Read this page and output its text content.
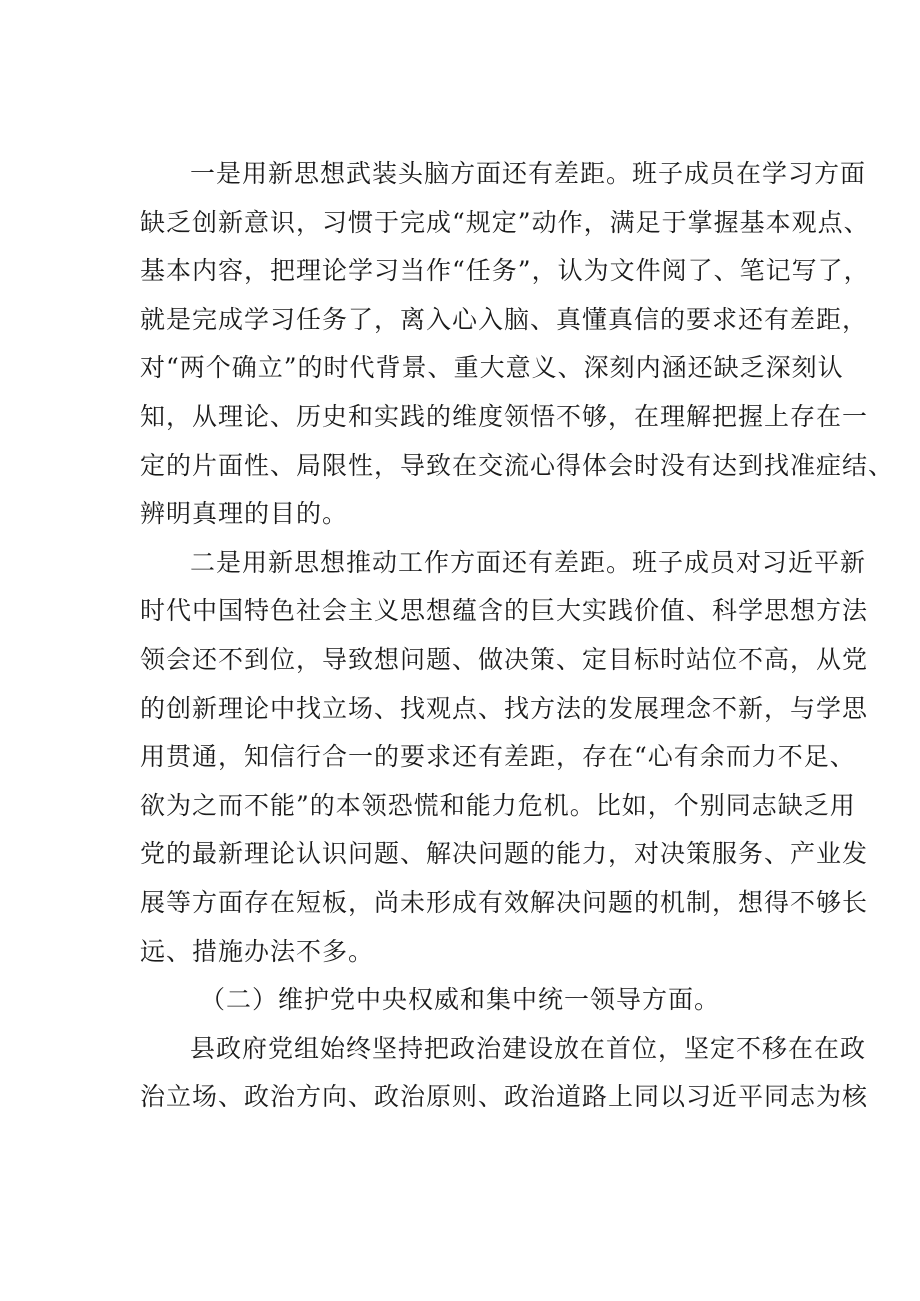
一是用新思想武装头脑方面还有差距。班子成员在学习方面
缺乏创新意识，习惯于完成“规定”动作，满足于掌握基本观点、
基本内容，把理论学习当作“任务”，认为文件阅了、笔记写了，
就是完成学习任务了，离入心入脑、真懂真信的要求还有差距，
对“两个确立”的时代背景、重大意义、深刻内涵还缺乏深刻认
知，从理论、历史和实践的维度领悟不够，在理解把握上存在一
定的片面性、局限性，导致在交流心得体会时没有达到找准症结、
辨明真理的目的。
二是用新思想推动工作方面还有差距。班子成员对习近平新
时代中国特色社会主义思想蕴含的巨大实践价值、科学思想方法
领会还不到位，导致想问题、做决策、定目标时站位不高，从党
的创新理论中找立场、找观点、找方法的发展理念不新，与学思
用贯通，知信行合一的要求还有差距，存在“心有余而力不足、
欲为之而不能”的本领恐慌和能力危机。比如，个别同志缺乏用
党的最新理论认识问题、解决问题的能力，对决策服务、产业发
展等方面存在短板，尚未形成有效解决问题的机制，想得不够长
远、措施办法不多。
（二）维护党中央权威和集中统一领导方面。
县政府党组始终坚持把政治建设放在首位，坚定不移在在政
治立场、政治方向、政治原则、政治道路上同以习近平同志为核
